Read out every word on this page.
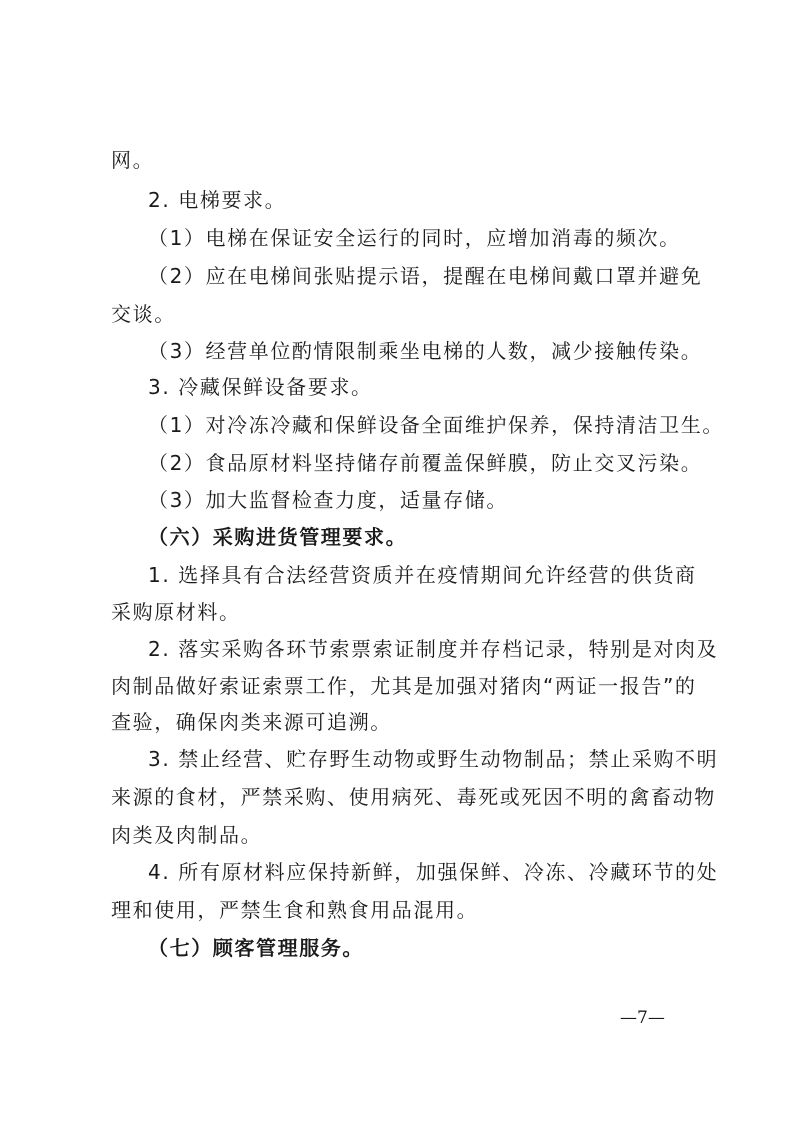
网。
2. 电梯要求。
（1）电梯在保证安全运行的同时，应增加消毒的频次。
（2）应在电梯间张贴提示语，提醒在电梯间戴口罩并避免
交谈。
（3）经营单位酌情限制乘坐电梯的人数，减少接触传染。
3. 冷藏保鲜设备要求。
（1）对冷冻冷藏和保鲜设备全面维护保养，保持清洁卫生。
（2）食品原材料坚持储存前覆盖保鲜膜，防止交叉污染。
（3）加大监督检查力度，适量存储。
（六）采购进货管理要求。
1. 选择具有合法经营资质并在疫情期间允许经营的供货商
采购原材料。
2. 落实采购各环节索票索证制度并存档记录，特别是对肉及
肉制品做好索证索票工作，尤其是加强对猪肉“两证一报告”的
查验，确保肉类来源可追溯。
3. 禁止经营、贮存野生动物或野生动物制品；禁止采购不明
来源的食材，严禁采购、使用病死、毒死或死因不明的禽畜动物
肉类及肉制品。
4. 所有原材料应保持新鲜，加强保鲜、冷冻、冷藏环节的处
理和使用，严禁生食和熟食用品混用。
（七）顾客管理服务。
—7—
